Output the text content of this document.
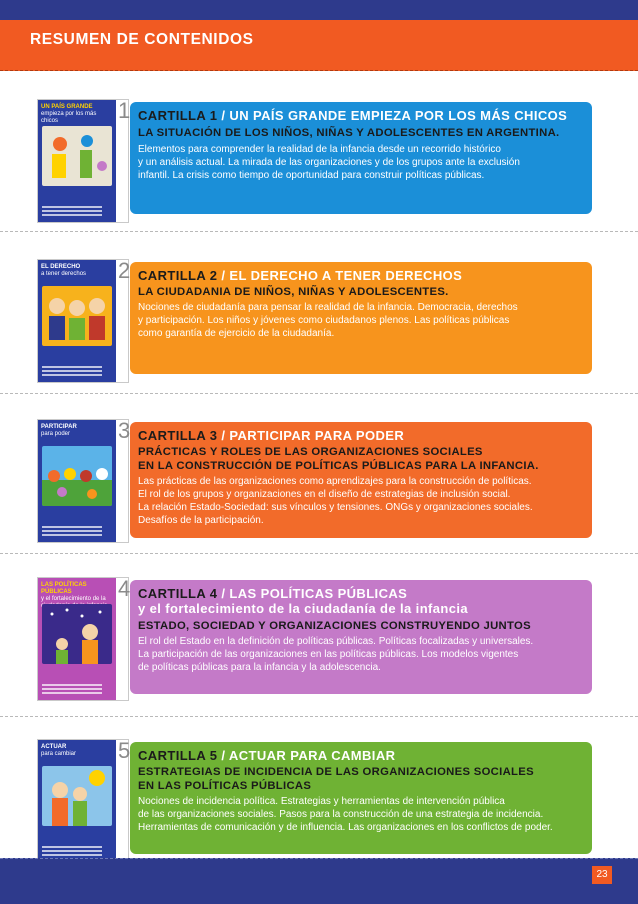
RESUMEN DE CONTENIDOS
UN PAÍS GRANDE
empieza por los más chicos	1 CARTILLA 1 / UN PAÍS GRANDE EMPIEZA POR LOS MÁS CHICOS
LA SITUACIÓN DE LOS NIÑOS, NIÑAS Y ADOLESCENTES EN ARGENTINA.
Elementos para comprender la realidad de la infancia desde un recorrido histórico
y un análisis actual. La mirada de las organizaciones y de los grupos ante la exclusión
infantil. La crisis como tiempo de oportunidad para construir políticas públicas.
EL DERECHO
a tener derechos	2 CARTILLA 2 / EL DERECHO A TENER DERECHOS
LA CIUDADANIA DE NIÑOS, NIÑAS Y ADOLESCENTES.
Nociones de ciudadanía para pensar la realidad de la infancia. Democracia, derechos
y participación. Los niños y jóvenes como ciudadanos plenos. Las políticas públicas
como garantía de ejercicio de la ciudadanía.
PARTICIPAR
para poder	3 CARTILLA 3 / PARTICIPAR PARA PODER
PRÁCTICAS Y ROLES DE LAS ORGANIZACIONES SOCIALES
EN LA CONSTRUCCIÓN DE POLÍTICAS PÚBLICAS PARA LA INFANCIA.
Las prácticas de las organizaciones como aprendizajes para la construcción de políticas.
El rol de los grupos y organizaciones en el diseño de estrategias de inclusión social.
La relación Estado-Sociedad: sus vínculos y tensiones. ONGs y organizaciones sociales.
Desafíos de la participación.
LAS POLÍTICAS PÚBLICAS
y el fortalecimiento de la ciudadanía de la infancia
4 CARTILLA 4 / LAS POLÍTICAS PÚBLICAS
y el fortalecimiento de la ciudadanía de la infancia
ESTADO, SOCIEDAD Y ORGANIZACIONES CONSTRUYENDO JUNTOS
El rol del Estado en la definición de políticas públicas. Políticas focalizadas y universales.
La participación de las organizaciones en las políticas públicas. Los modelos vigentes
de políticas públicas para la infancia y la adolescencia.
ACTUAR
para cambiar	5 CARTILLA 5 / ACTUAR PARA CAMBIAR
ESTRATEGIAS DE INCIDENCIA DE LAS ORGANIZACIONES SOCIALES
EN LAS POLÍTICAS PÚBLICAS
Nociones de incidencia política. Estrategias y herramientas de intervención pública
de las organizaciones sociales. Pasos para la construcción de una estrategia de incidencia.
Herramientas de comunicación y de influencia. Las organizaciones en los conflictos de poder.
23
